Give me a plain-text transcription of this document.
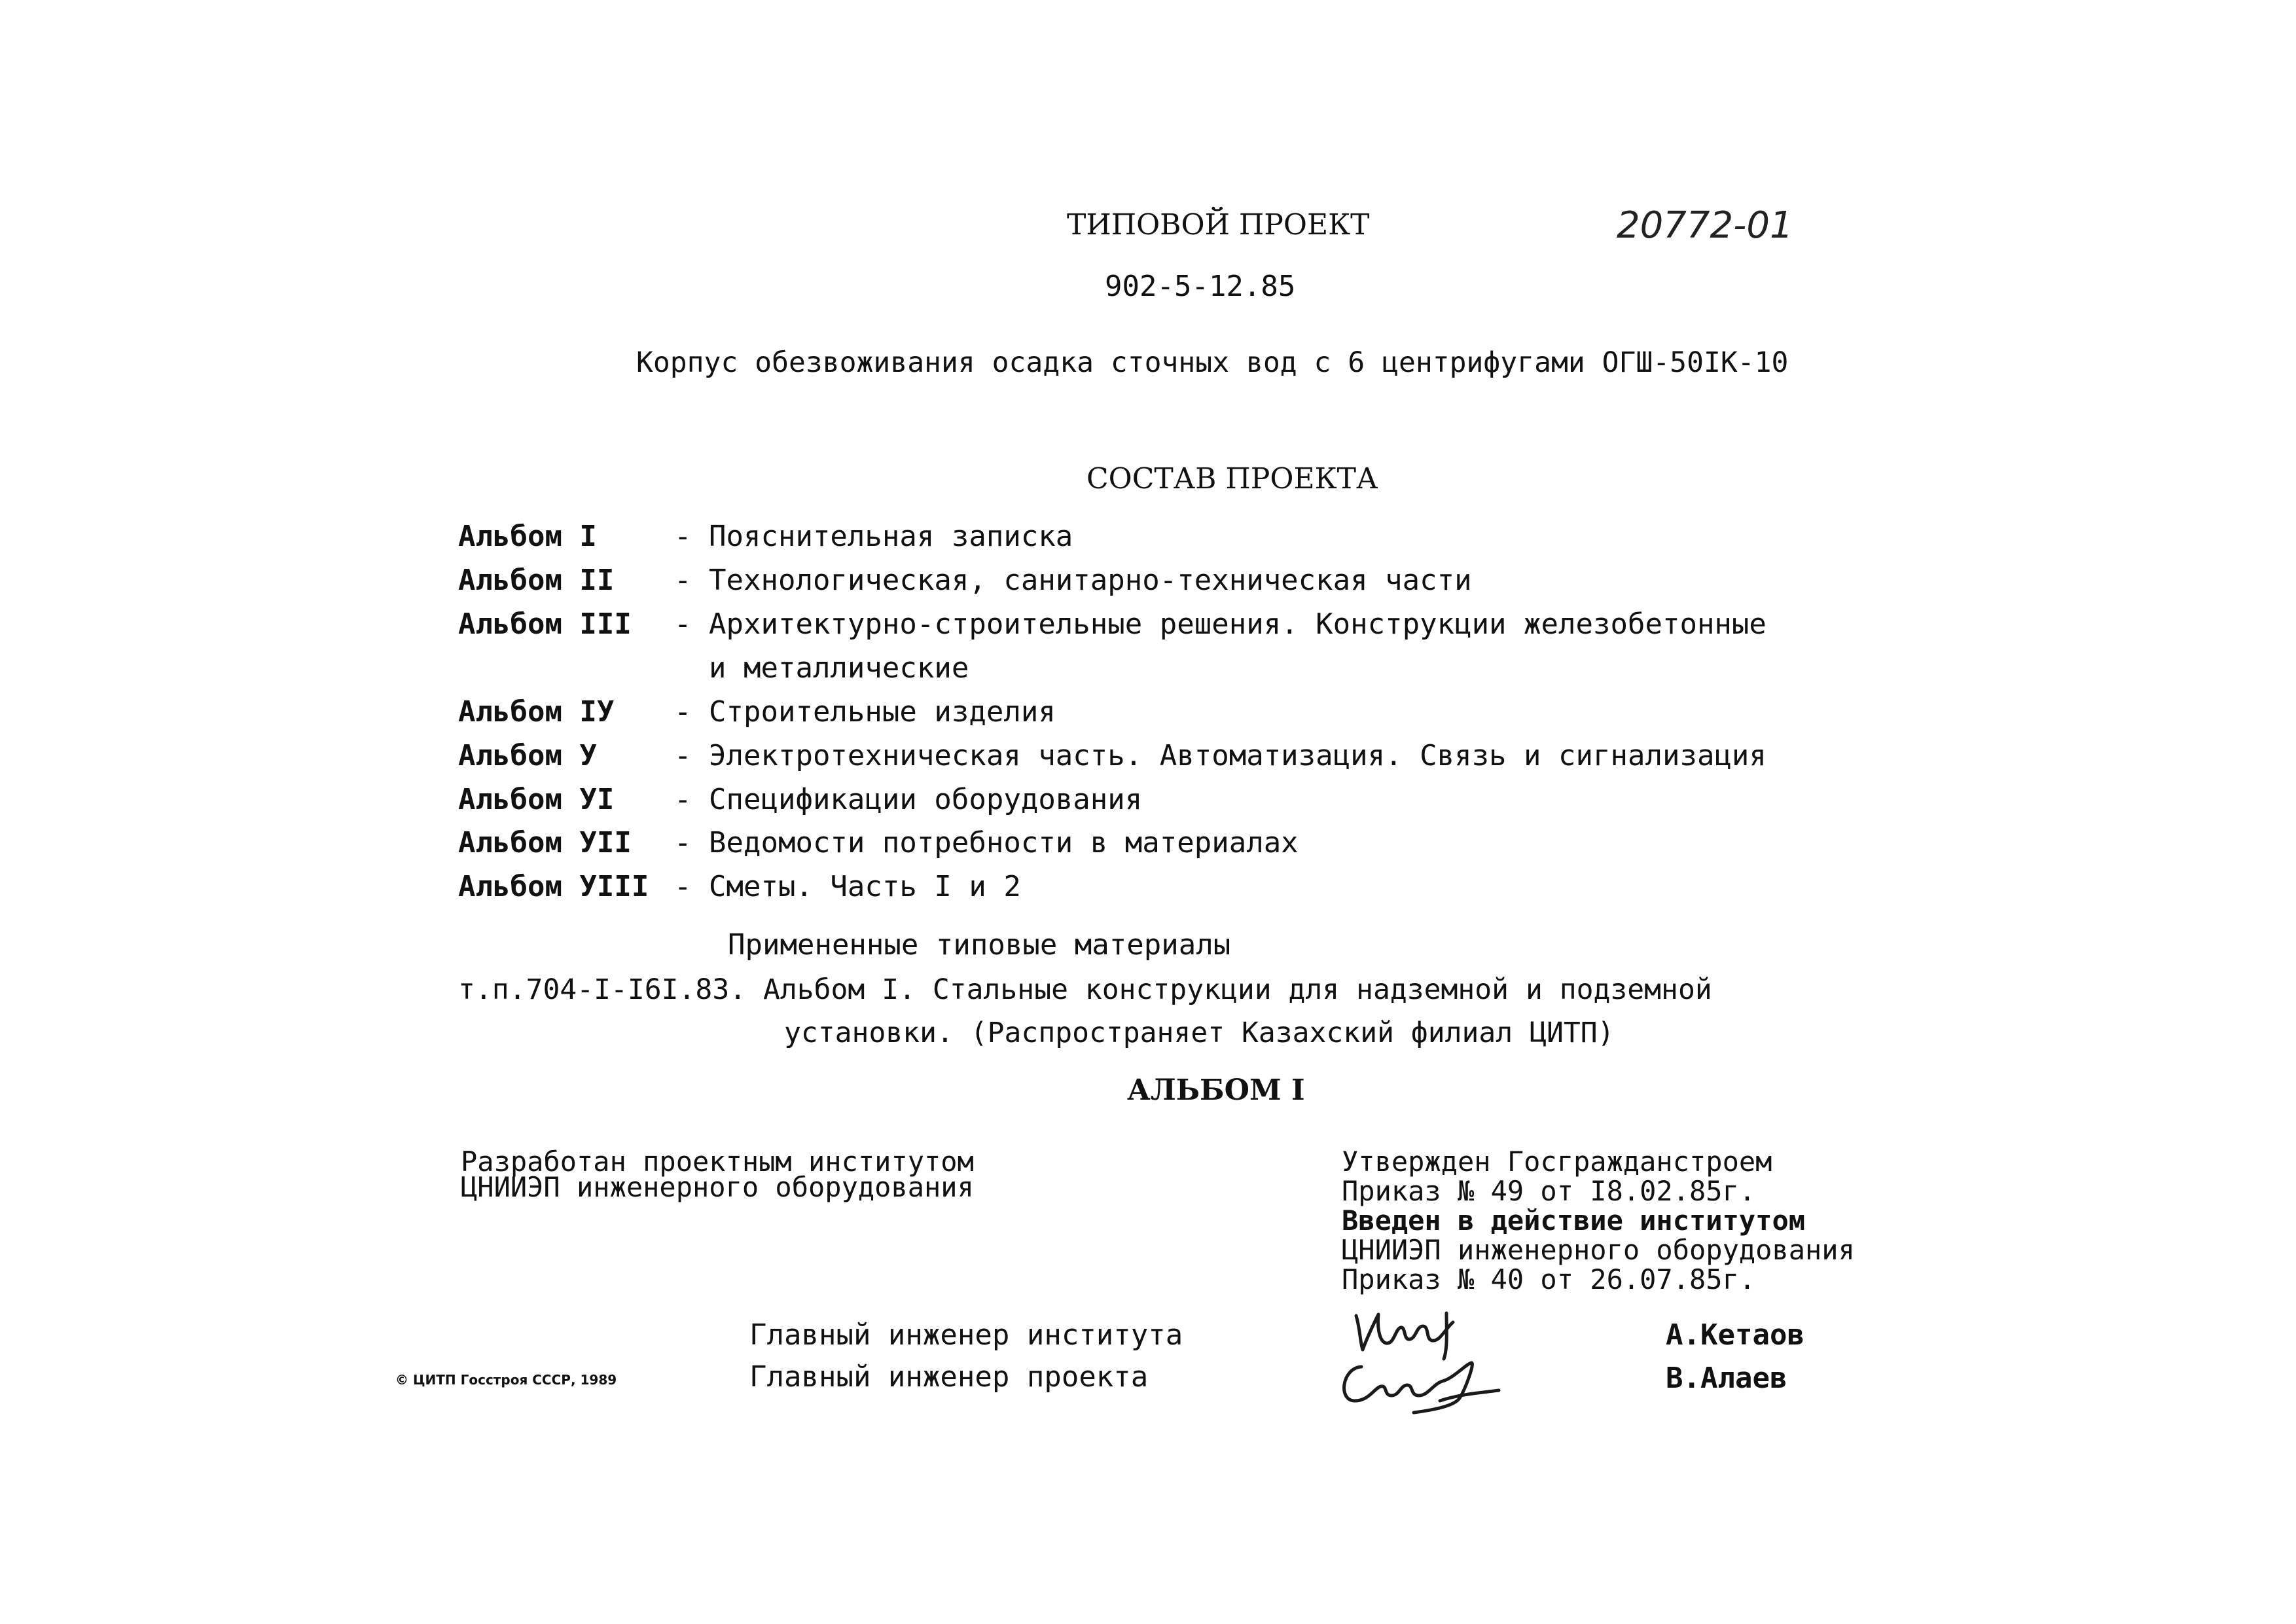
ТИПОВОЙ ПРОЕКТ	20772-01
902-5-12.85
Корпус обезвоживания осадка сточных вод с 6 центрифугами ОГШ-50IК-10
СОСТАВ ПРОЕКТА
Альбом I	- Пояснительная записка
Альбом II - Технологическая, санитарно-техническая части
Альбом III - Архитектурно-строительные решения. Конструкции железобетонные
и металлические
Альбом IУ - Строительные изделия
Альбом У	- Электротехническая часть. Автоматизация. Связь и сигнализация
Альбом УI - Спецификации оборудования
Альбом УII - Ведомости потребности в материалах
Альбом УIII - Сметы. Часть I и 2
Примененные типовые материалы
т.п.704-I-I6I.83. Альбом I. Стальные конструкции для надземной и подземной
установки. (Распространяет Казахский филиал ЦИТП)
АЛЬБОМ I
Разработан проектным институтом
ЦНИИЭП инженерного оборудования
Утвержден Госгражданстроем
Приказ № 49 от I8.02.85г.
Введен в действие институтом
ЦНИИЭП инженерного оборудования
Приказ № 40 от 26.07.85г.
Главный инженер института	А.Кетаов
© ЦИТП Госстроя СССР, 1989	Главный инженер проекта	В.Алаев
